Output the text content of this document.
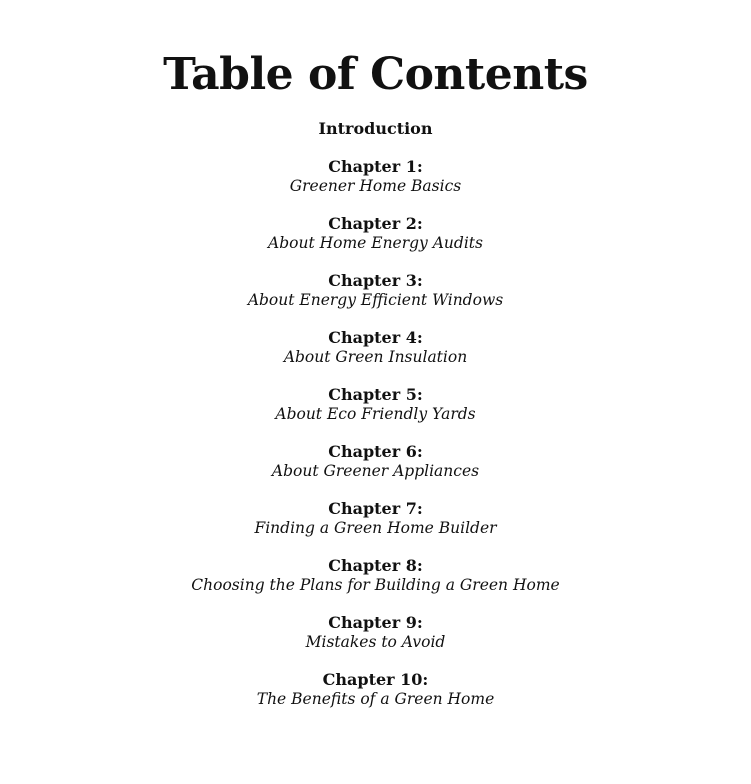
Table of Contents
Introduction
Chapter 1:
Greener Home Basics
Chapter 2:
About Home Energy Audits
Chapter 3:
About Energy Efficient Windows
Chapter 4:
About Green Insulation
Chapter 5:
About Eco Friendly Yards
Chapter 6:
About Greener Appliances
Chapter 7:
Finding a Green Home Builder
Chapter 8:
Choosing the Plans for Building a Green Home
Chapter 9:
Mistakes to Avoid
Chapter 10:
The Benefits of a Green Home
